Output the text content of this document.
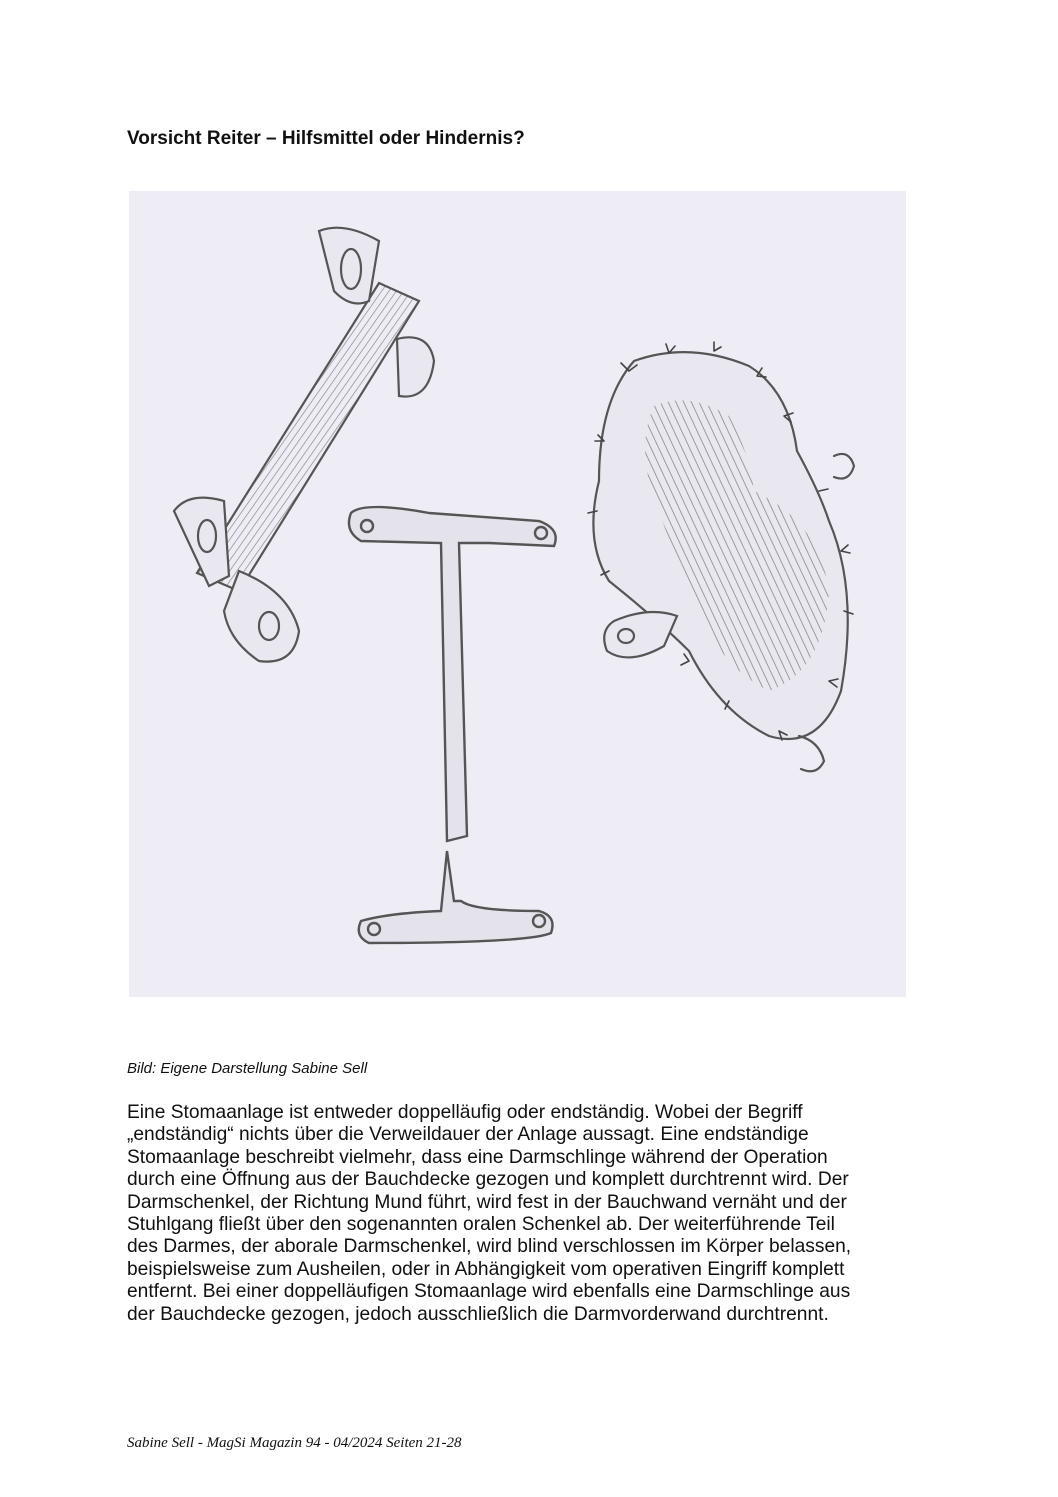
Vorsicht Reiter – Hilfsmittel oder Hindernis?

Bild: Eigene Darstellung Sabine Sell

Eine Stomaanlage ist entweder doppelläufig oder endständig. Wobei der Begriff
„endständig“ nichts über die Verweildauer der Anlage aussagt. Eine endständige
Stomaanlage beschreibt vielmehr, dass eine Darmschlinge während der Operation
durch eine Öffnung aus der Bauchdecke gezogen und komplett durchtrennt wird. Der
Darmschenkel, der Richtung Mund führt, wird fest in der Bauchwand vernäht und der
Stuhlgang fließt über den sogenannten oralen Schenkel ab. Der weiterführende Teil
des Darmes, der aborale Darmschenkel, wird blind verschlossen im Körper belassen,
beispielsweise zum Ausheilen, oder in Abhängigkeit vom operativen Eingriff komplett
entfernt. Bei einer doppelläufigen Stomaanlage wird ebenfalls eine Darmschlinge aus
der Bauchdecke gezogen, jedoch ausschließlich die Darmvorderwand durchtrennt.

Sabine Sell - MagSi Magazin 94 - 04/2024 Seiten 21-28
